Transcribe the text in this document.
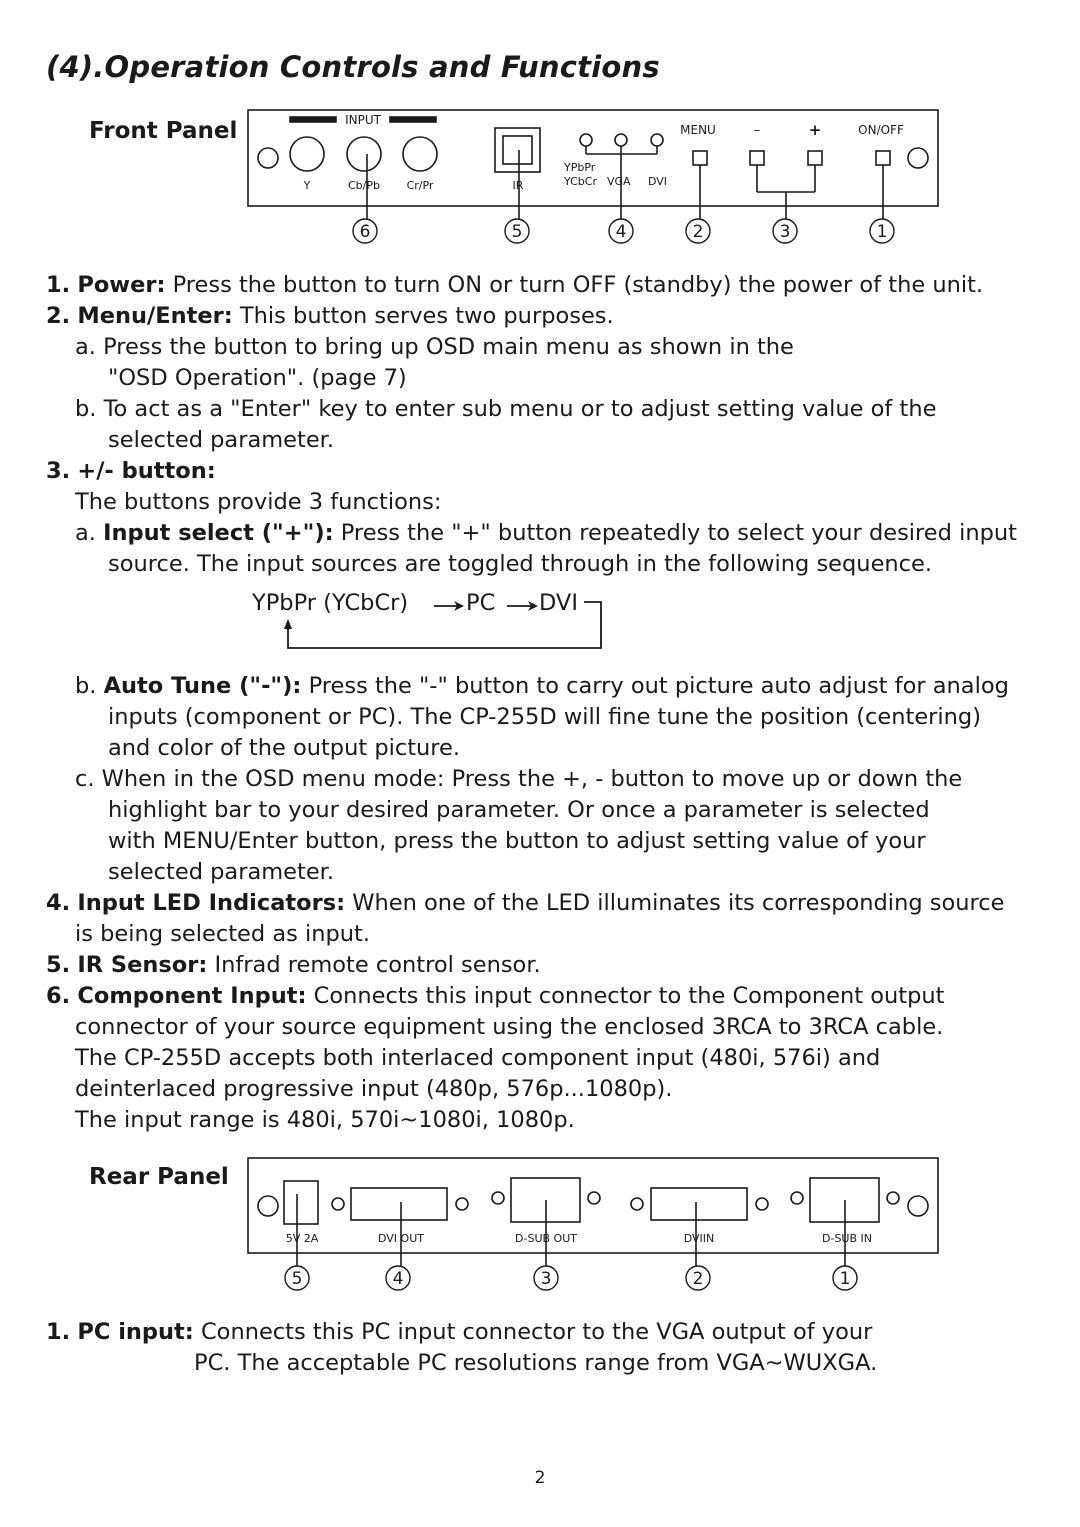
(4).Operation Controls and Functions
Front Panel	INPUT
Y	Cb/Pb Cr/Pr	IR
YPbPr
YCbCr VGA DVI
MENU	–	+	ON/OFF
6	5	4	2	3	1
1. Power: Press the button to turn ON or turn OFF (standby) the power of the unit.
2. Menu/Enter: This button serves two purposes.
a. Press the button to bring up OSD main menu as shown in the
"OSD Operation". (page 7)
b. To act as a "Enter" key to enter sub menu or to adjust setting value of the
selected parameter.
3. +/- button:
The buttons provide 3 functions:
a. Input select ("+"): Press the "+" button repeatedly to select your desired input
source. The input sources are toggled through in the following sequence.
YPbPr (YCbCr)	PC DVI
b. Auto Tune ("-"): Press the "-" button to carry out picture auto adjust for analog
inputs (component or PC). The CP-255D will fine tune the position (centering)
and color of the output picture.
c. When in the OSD menu mode: Press the +, - button to move up or down the
highlight bar to your desired parameter. Or once a parameter is selected
with MENU/Enter button, press the button to adjust setting value of your
selected parameter.
4. Input LED Indicators: When one of the LED illuminates its corresponding source
is being selected as input.
5. IR Sensor: Infrad remote control sensor.
6. Component Input: Connects this input connector to the Component output
connector of your source equipment using the enclosed 3RCA to 3RCA cable.
The CP-255D accepts both interlaced component input (480i, 576i) and
deinterlaced progressive input (480p, 576p...1080p).
The input range is 480i, 570i~1080i, 1080p.
Rear Panel
5V 2A	DVI OUT	D-SUB OUT	DVIIN	D-SUB IN
5	4	3	2	1
1. PC input: Connects this PC input connector to the VGA output of your
PC. The acceptable PC resolutions range from VGA~WUXGA.
2
